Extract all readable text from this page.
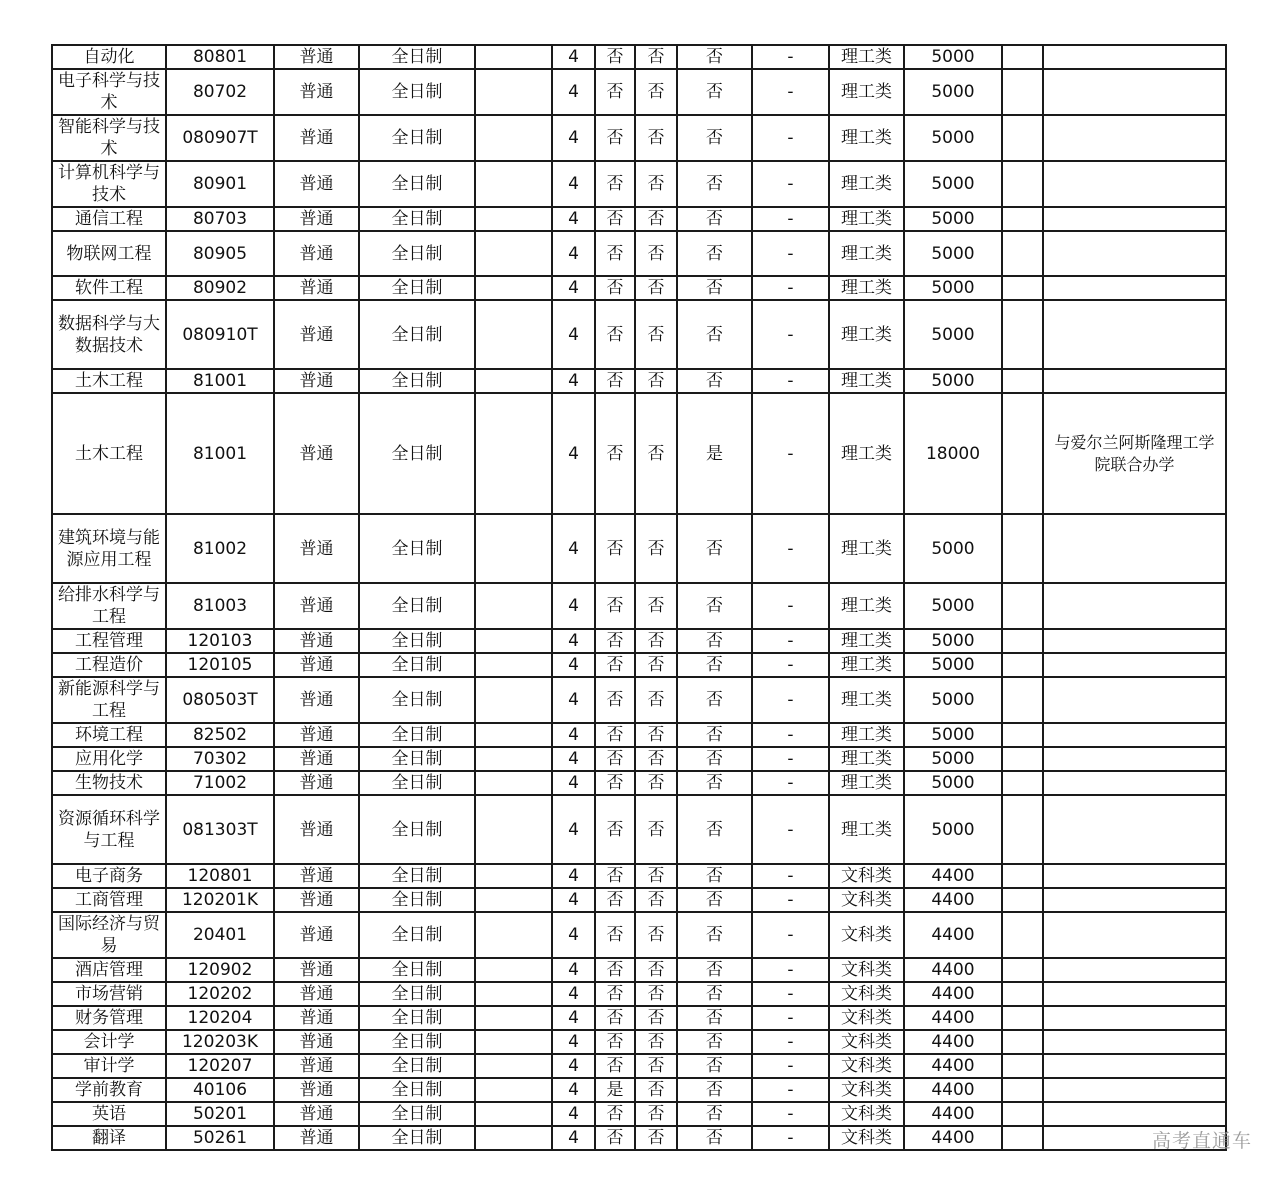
自动化	80801	普通	全日制		4	否	否	否	-	理工类	5000		
电子科学与技术	80702	普通	全日制		4	否	否	否	-	理工类	5000		
智能科学与技术	080907T	普通	全日制		4	否	否	否	-	理工类	5000		
计算机科学与技术	80901	普通	全日制		4	否	否	否	-	理工类	5000		
通信工程	80703	普通	全日制		4	否	否	否	-	理工类	5000		
物联网工程	80905	普通	全日制		4	否	否	否	-	理工类	5000		
软件工程	80902	普通	全日制		4	否	否	否	-	理工类	5000		
数据科学与大数据技术	080910T	普通	全日制		4	否	否	否	-	理工类	5000		
土木工程	81001	普通	全日制		4	否	否	否	-	理工类	5000		
土木工程	81001	普通	全日制		4	否	否	是	-	理工类	18000		与爱尔兰阿斯隆理工学院联合办学
建筑环境与能源应用工程	81002	普通	全日制		4	否	否	否	-	理工类	5000		
给排水科学与工程	81003	普通	全日制		4	否	否	否	-	理工类	5000		
工程管理	120103	普通	全日制		4	否	否	否	-	理工类	5000		
工程造价	120105	普通	全日制		4	否	否	否	-	理工类	5000		
新能源科学与工程	080503T	普通	全日制		4	否	否	否	-	理工类	5000		
环境工程	82502	普通	全日制		4	否	否	否	-	理工类	5000		
应用化学	70302	普通	全日制		4	否	否	否	-	理工类	5000		
生物技术	71002	普通	全日制		4	否	否	否	-	理工类	5000		
资源循环科学与工程	081303T	普通	全日制		4	否	否	否	-	理工类	5000		
电子商务	120801	普通	全日制		4	否	否	否	-	文科类	4400		
工商管理	120201K	普通	全日制		4	否	否	否	-	文科类	4400		
国际经济与贸易	20401	普通	全日制		4	否	否	否	-	文科类	4400		
酒店管理	120902	普通	全日制		4	否	否	否	-	文科类	4400		
市场营销	120202	普通	全日制		4	否	否	否	-	文科类	4400		
财务管理	120204	普通	全日制		4	否	否	否	-	文科类	4400		
会计学	120203K	普通	全日制		4	否	否	否	-	文科类	4400		
审计学	120207	普通	全日制		4	否	否	否	-	文科类	4400		
学前教育	40106	普通	全日制		4	是	否	否	-	文科类	4400		
英语	50201	普通	全日制		4	否	否	否	-	文科类	4400		
翻译	50261	普通	全日制		4	否	否	否	-	文科类	4400			高考直通车
